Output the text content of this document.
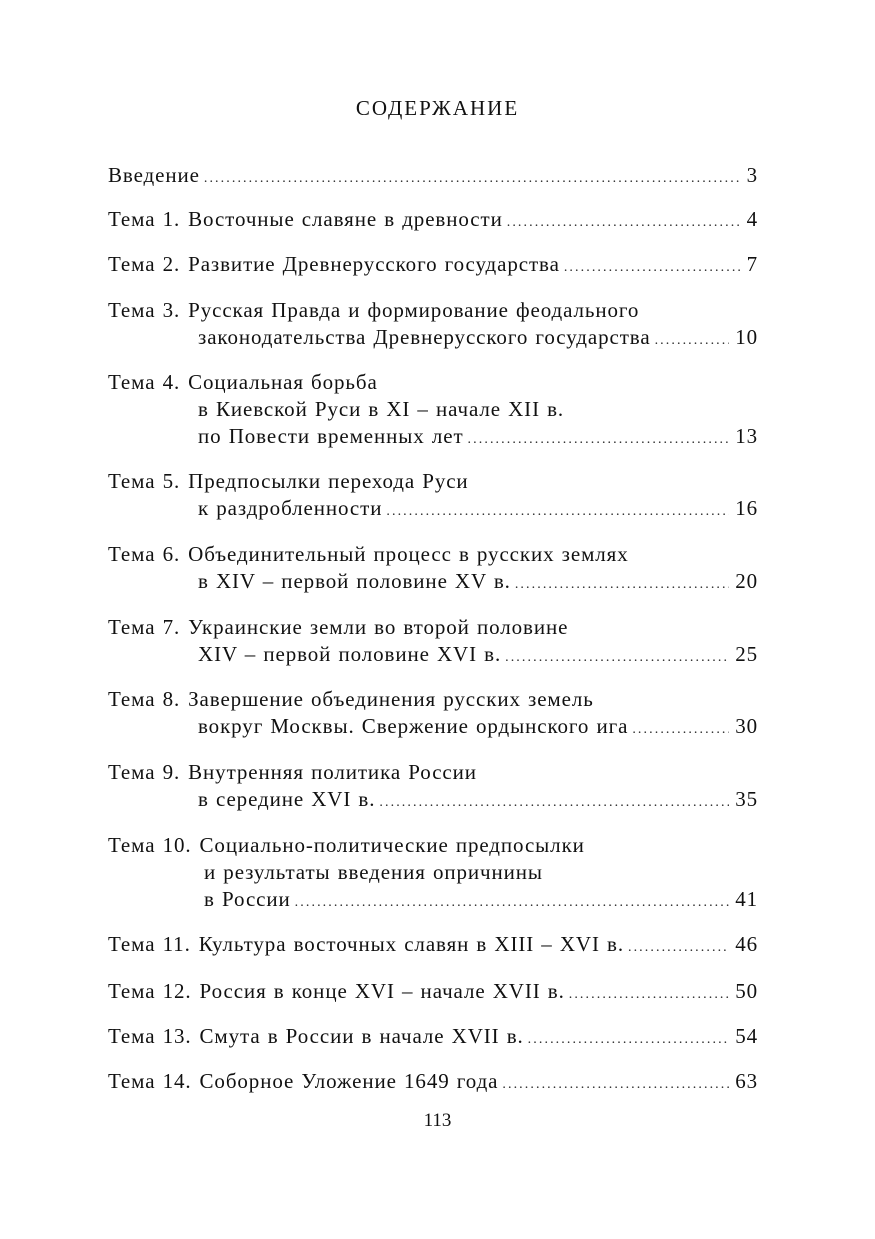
СОДЕРЖАНИЕ
Введение . . .	3
Тема 1. Восточные славяне в древности . . .	4
Тема 2. Развитие Древнерусского государства . . .	7
Тема 3. Русская Правда и формирование феодального
законодательства Древнерусского государства . . .	10
Тема 4. Социальная борьба
в Киевской Руси в XI – начале XII в.
по Повести временных лет . . .	13
Тема 5. Предпосылки перехода Руси
к раздробленности . . .	16
Тема 6. Объединительный процесс в русских землях
в XIV – первой половине XV в. . . .	20
Тема 7. Украинские земли во второй половине
XIV – первой половине XVI в. . . .	25
Тема 8. Завершение объединения русских земель
вокруг Москвы. Свержение ордынского ига . . .	30
Тема 9. Внутренняя политика России
в середине XVI в. . . .	35
Тема 10. Социально-политические предпосылки
и результаты введения опричнины
в России . . .	41
Тема 11. Культура восточных славян в XIII – XVI в. . . .	46
Тема 12. Россия в конце XVI – начале XVII в. . . .	50
Тема 13. Смута в России в начале XVII в. . . .	54
Тема 14. Соборное Уложение 1649 года . . .	63
113
